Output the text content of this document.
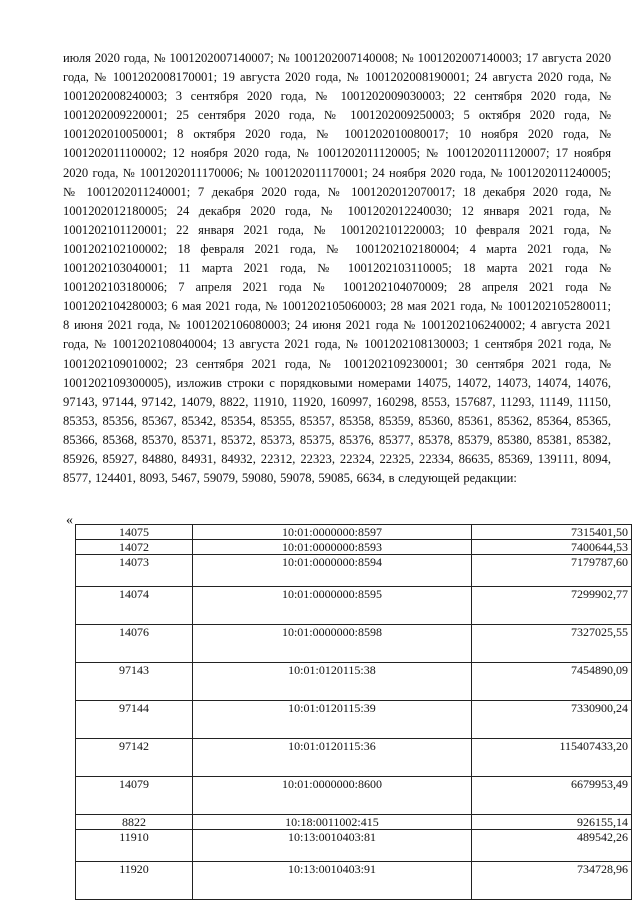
июля 2020 года, № 1001202007140007; № 1001202007140008; № 1001202007140003; 17 августа 2020 года, № 1001202008170001; 19 августа 2020 года, № 1001202008190001; 24 августа 2020 года, № 1001202008240003; 3 сентября 2020 года, № 1001202009030003; 22 сентября 2020 года, № 1001202009220001; 25 сентября 2020 года, № 1001202009250003; 5 октября 2020 года, № 1001202010050001; 8 октября 2020 года, № 1001202010080017; 10 ноября 2020 года, № 1001202011100002; 12 ноября 2020 года, № 1001202011120005; № 1001202011120007; 17 ноября 2020 года, № 1001202011170006; № 1001202011170001; 24 ноября 2020 года, № 1001202011240005; № 1001202011240001; 7 декабря 2020 года, № 1001202012070017; 18 декабря 2020 года, № 1001202012180005; 24 декабря 2020 года, № 1001202012240030; 12 января 2021 года, № 1001202101120001; 22 января 2021 года, № 1001202101220003; 10 февраля 2021 года, № 1001202102100002; 18 февраля 2021 года, № 1001202102180004; 4 марта 2021 года, № 1001202103040001; 11 марта 2021 года, № 1001202103110005; 18 марта 2021 года № 1001202103180006; 7 апреля 2021 года № 1001202104070009; 28 апреля 2021 года № 1001202104280003; 6 мая 2021 года, № 1001202105060003; 28 мая 2021 года, № 1001202105280011; 8 июня 2021 года, № 1001202106080003; 24 июня 2021 года № 1001202106240002; 4 августа 2021 года, № 1001202108040004; 13 августа 2021 года, № 1001202108130003; 1 сентября 2021 года, № 1001202109010002; 23 сентября 2021 года, № 1001202109230001; 30 сентября 2021 года, № 1001202109300005), изложив строки с порядковыми номерами 14075, 14072, 14073, 14074, 14076, 97143, 97144, 97142, 14079, 8822, 11910, 11920, 160997, 160298, 8553, 157687, 11293, 11149, 11150, 85353, 85356, 85367, 85342, 85354, 85355, 85357, 85358, 85359, 85360, 85361, 85362, 85364, 85365, 85366, 85368, 85370, 85371, 85372, 85373, 85375, 85376, 85377, 85378, 85379, 85380, 85381, 85382, 85926, 85927, 84880, 84931, 84932, 22312, 22323, 22324, 22325, 22334, 86635, 85369, 139111, 8094, 8577, 124401, 8093, 5467, 59079, 59080, 59078, 59085, 6634, в следующей редакции:
«
14075	10:01:0000000:8597	7315401,50
14072	10:01:0000000:8593	7400644,53
14073	10:01:0000000:8594	7179787,60
14074	10:01:0000000:8595	7299902,77
14076	10:01:0000000:8598	7327025,55
97143	10:01:0120115:38	7454890,09
97144	10:01:0120115:39	7330900,24
97142	10:01:0120115:36	115407433,20
14079	10:01:0000000:8600	6679953,49
8822	10:18:0011002:415	926155,14
11910	10:13:0010403:81	489542,26
11920	10:13:0010403:91	734728,96
